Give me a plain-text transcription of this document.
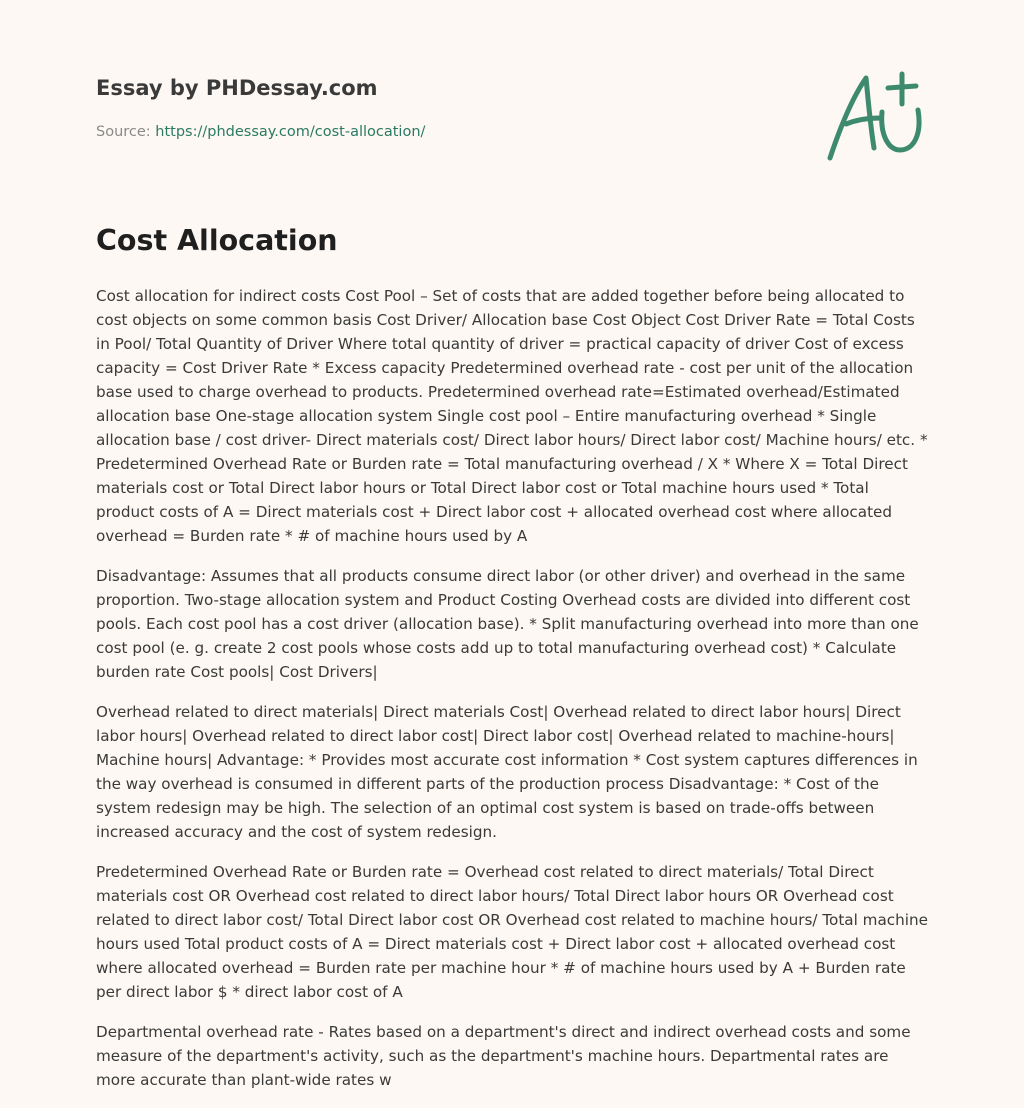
Essay by PHDessay.com

Source: https://phdessay.com/cost-allocation/

Cost Allocation

Cost allocation for indirect costs Cost Pool – Set of costs that are added together before being allocated to cost objects on some common basis Cost Driver/ Allocation base Cost Object Cost Driver Rate = Total Costs in Pool/ Total Quantity of Driver Where total quantity of driver = practical capacity of driver Cost of excess capacity = Cost Driver Rate * Excess capacity Predetermined overhead rate - cost per unit of the allocation base used to charge overhead to products. Predetermined overhead rate=Estimated overhead/Estimated allocation base One-stage allocation system Single cost pool – Entire manufacturing overhead * Single allocation base / cost driver- Direct materials cost/ Direct labor hours/ Direct labor cost/ Machine hours/ etc. * Predetermined Overhead Rate or Burden rate = Total manufacturing overhead / X * Where X = Total Direct materials cost or Total Direct labor hours or Total Direct labor cost or Total machine hours used * Total product costs of A = Direct materials cost + Direct labor cost + allocated overhead cost where allocated overhead = Burden rate * # of machine hours used by A

Disadvantage: Assumes that all products consume direct labor (or other driver) and overhead in the same proportion. Two-stage allocation system and Product Costing Overhead costs are divided into different cost pools. Each cost pool has a cost driver (allocation base). * Split manufacturing overhead into more than one cost pool (e. g. create 2 cost pools whose costs add up to total manufacturing overhead cost) * Calculate burden rate Cost pools| Cost Drivers|

Overhead related to direct materials| Direct materials Cost| Overhead related to direct labor hours| Direct labor hours| Overhead related to direct labor cost| Direct labor cost| Overhead related to machine-hours| Machine hours| Advantage: * Provides most accurate cost information * Cost system captures differences in the way overhead is consumed in different parts of the production process Disadvantage: * Cost of the system redesign may be high. The selection of an optimal cost system is based on trade-offs between increased accuracy and the cost of system redesign.

Predetermined Overhead Rate or Burden rate = Overhead cost related to direct materials/ Total Direct materials cost OR Overhead cost related to direct labor hours/ Total Direct labor hours OR Overhead cost related to direct labor cost/ Total Direct labor cost OR Overhead cost related to machine hours/ Total machine hours used Total product costs of A = Direct materials cost + Direct labor cost + allocated overhead cost where allocated overhead = Burden rate per machine hour * # of machine hours used by A + Burden rate per direct labor $ * direct labor cost of A

Departmental overhead rate - Rates based on a department's direct and indirect overhead costs and some measure of the department's activity, such as the department's machine hours. Departmental rates are more accurate than plant-wide rates w
